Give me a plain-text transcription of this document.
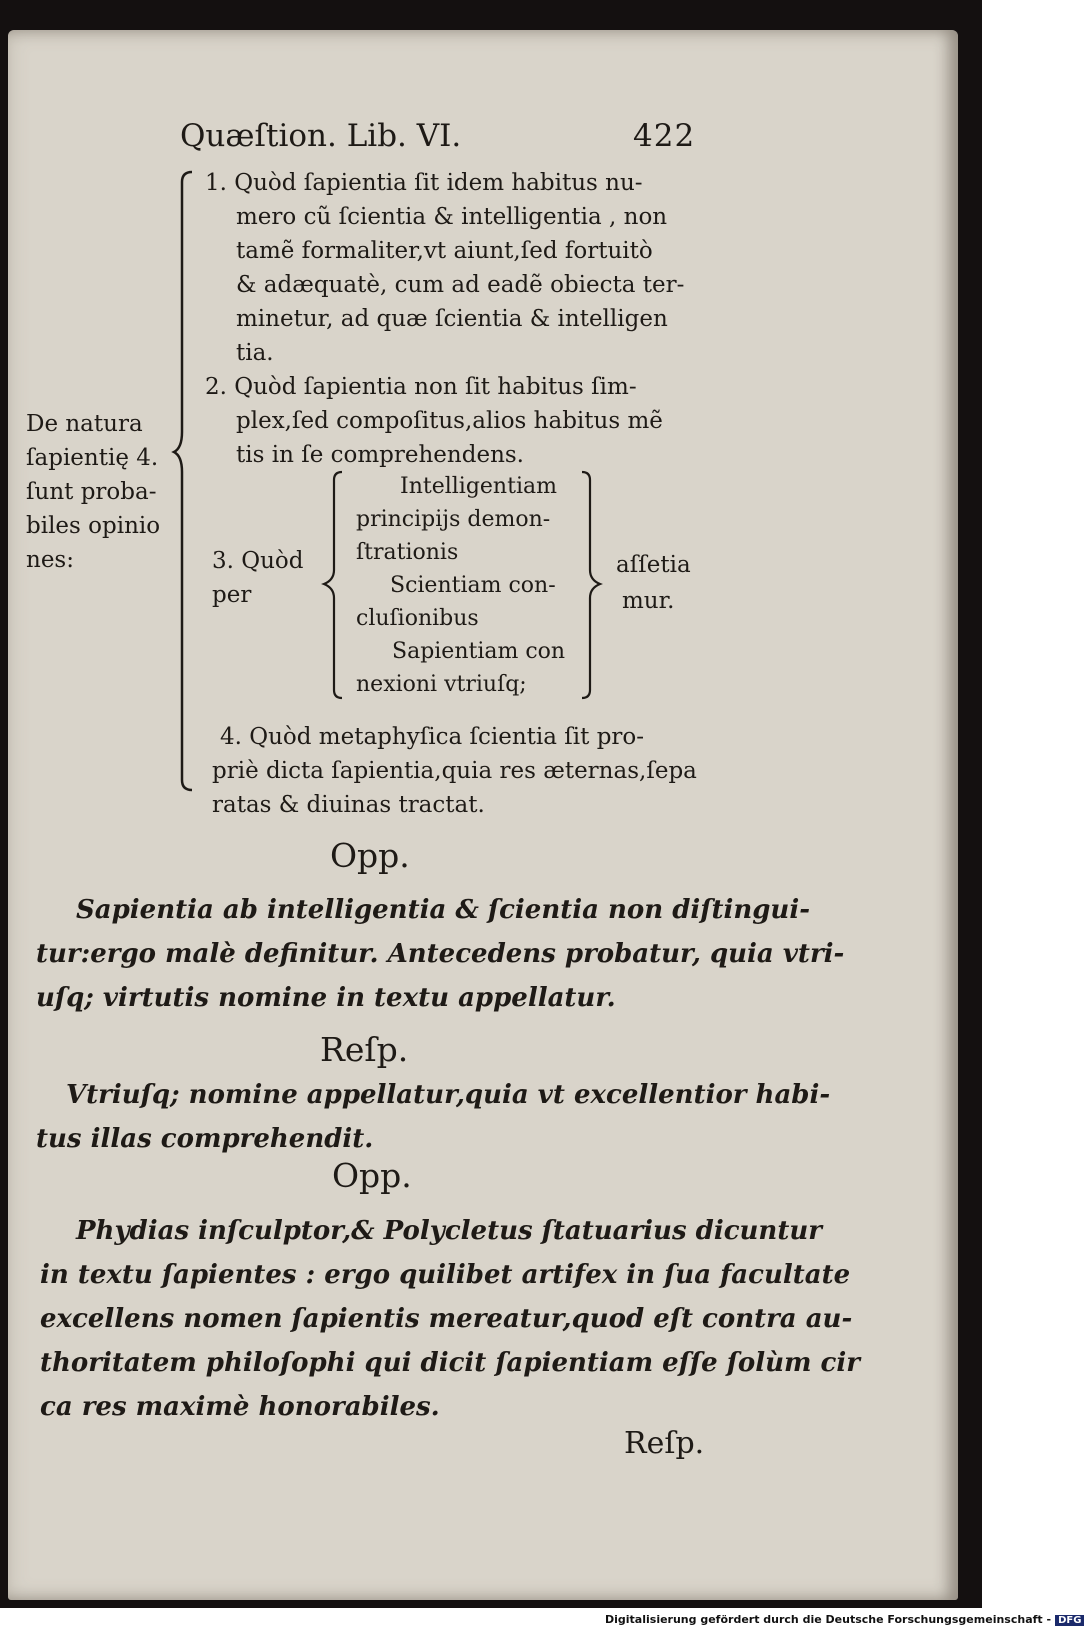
Quæſtion. Lib. VI.	422
De natura
ſapientię 4.
ſunt proba-
biles opinio
nes:
1. Quòd ſapientia ſit idem habitus nu-
mero cũ ſcientia & intelligentia , non
tamẽ formaliter,vt aiunt,ſed fortuitò
& adæquatè, cum ad eadẽ obiecta ter-
minetur, ad quæ ſcientia & intelligen
tia.
2. Quòd ſapientia non ſit habitus ſim-
plex,ſed compoſitus,alios habitus mẽ
tis in ſe comprehendens.
3. Quòd
per
Intelligentiam
principijs demon-
ſtrationis
Scientiam con-
cluſionibus
Sapientiam con
nexioni vtriuſq;
aſſetia
mur.
4. Quòd metaphyſica ſcientia ſit pro-
priè dicta ſapientia,quia res æternas,ſepa
ratas & diuinas tractat.
Opp.
Sapientia ab intelligentia & ſcientia non diſtingui-
tur:ergo malè definitur. Antecedens probatur, quia vtri-
uſq; virtutis nomine in textu appellatur.
Reſp.
Vtriuſq; nomine appellatur,quia vt excellentior habi-
tus illas comprehendit.
Opp.
Phydias inſculptor,& Polycletus ſtatuarius dicuntur
in textu ſapientes : ergo quilibet artifex in ſua facultate
excellens nomen ſapientis mereatur,quod eſt contra au-
thoritatem philoſophi qui dicit ſapientiam eſſe ſolùm cir
ca res maximè honorabiles.
Reſp.
Digitalisierung gefördert durch die Deutsche Forschungsgemeinschaft - DFG
